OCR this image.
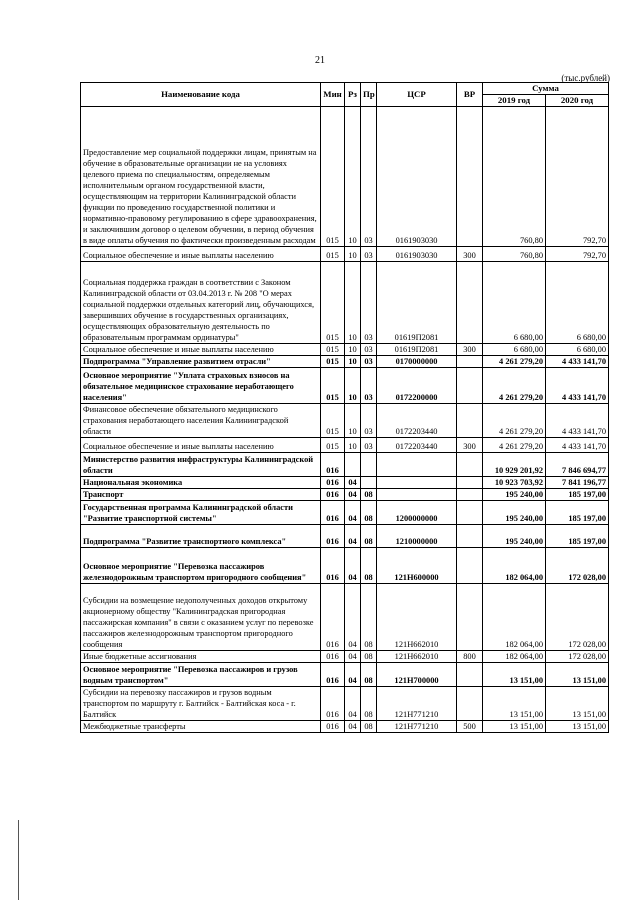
21
(тыс.рублей)
Наименование кода	Мин	Рз	Пр	ЦСР	ВР	Сумма	
						2019 год	2020 год
Предоставление мер социальной поддержки лицам, принятым на обучение в образовательные организации не на условиях целевого приема по специальностям, определяемым исполнительным органом государственной власти, осуществляющим на территории Калининградской области функции по проведению государственной политики и нормативно-правовому регулированию в сфере здравоохранения, и заключившим договор о целевом обучении, в период обучения в виде оплаты обучения по фактически произведенным расходам	015	10	03	0161903030		760,80	792,70
Социальное обеспечение и иные выплаты населению	015	10	03	0161903030	300	760,80	792,70
Социальная поддержка граждан в соответствии с Законом Калининградской области от 03.04.2013 г. № 208 "О мерах социальной поддержки отдельных категорий лиц, обучающихся, завершивших обучение в государственных организациях, осуществляющих образовательную деятельность по образовательным программам ординатуры"	015	10	03	01619П2081		6 680,00	6 680,00
Социальное обеспечение и иные выплаты населению	015	10	03	01619П2081	300	6 680,00	6 680,00
Подпрограмма "Управление развитием отрасли"	015	10	03	0170000000		4 261 279,20	4 433 141,70
Основное мероприятие "Уплата страховых взносов на обязательное медицинское страхование неработающего населения"	015	10	03	0172200000		4 261 279,20	4 433 141,70
Финансовое обеспечение обязательного медицинского страхования неработающего населения Калининградской области	015	10	03	0172203440		4 261 279,20	4 433 141,70
Социальное обеспечение и иные выплаты населению	015	10	03	0172203440	300	4 261 279,20	4 433 141,70
Министерство развития инфраструктуры Калининградской области	016					10 929 201,92	7 846 694,77
Национальная экономика	016	04				10 923 703,92	7 841 196,77
Транспорт	016	04	08			195 240,00	185 197,00
Государственная программа Калининградской области "Развитие транспортной системы"	016	04	08	1200000000		195 240,00	185 197,00
Подпрограмма "Развитие транспортного комплекса"	016	04	08	1210000000		195 240,00	185 197,00
Основное мероприятие "Перевозка пассажиров железнодорожным транспортом пригородного сообщения"	016	04	08	121Н600000		182 064,00	172 028,00
Субсидии на возмещение недополученных доходов открытому акционерному обществу "Калининградская пригородная пассажирская компания" в связи с оказанием услуг по перевозке пассажиров железнодорожным транспортом пригородного сообщения	016	04	08	121Н662010		182 064,00	172 028,00
Иные бюджетные ассигнования	016	04	08	121Н662010	800	182 064,00	172 028,00
Основное мероприятие "Перевозка пассажиров и грузов водным транспортом"	016	04	08	121Н700000		13 151,00	13 151,00
Субсидии на перевозку пассажиров и грузов водным транспортом по маршруту г. Балтийск - Балтийская коса - г. Балтийск	016	04	08	121Н771210		13 151,00	13 151,00
Межбюджетные трансферты	016	04	08	121Н771210	500	13 151,00	13 151,00
